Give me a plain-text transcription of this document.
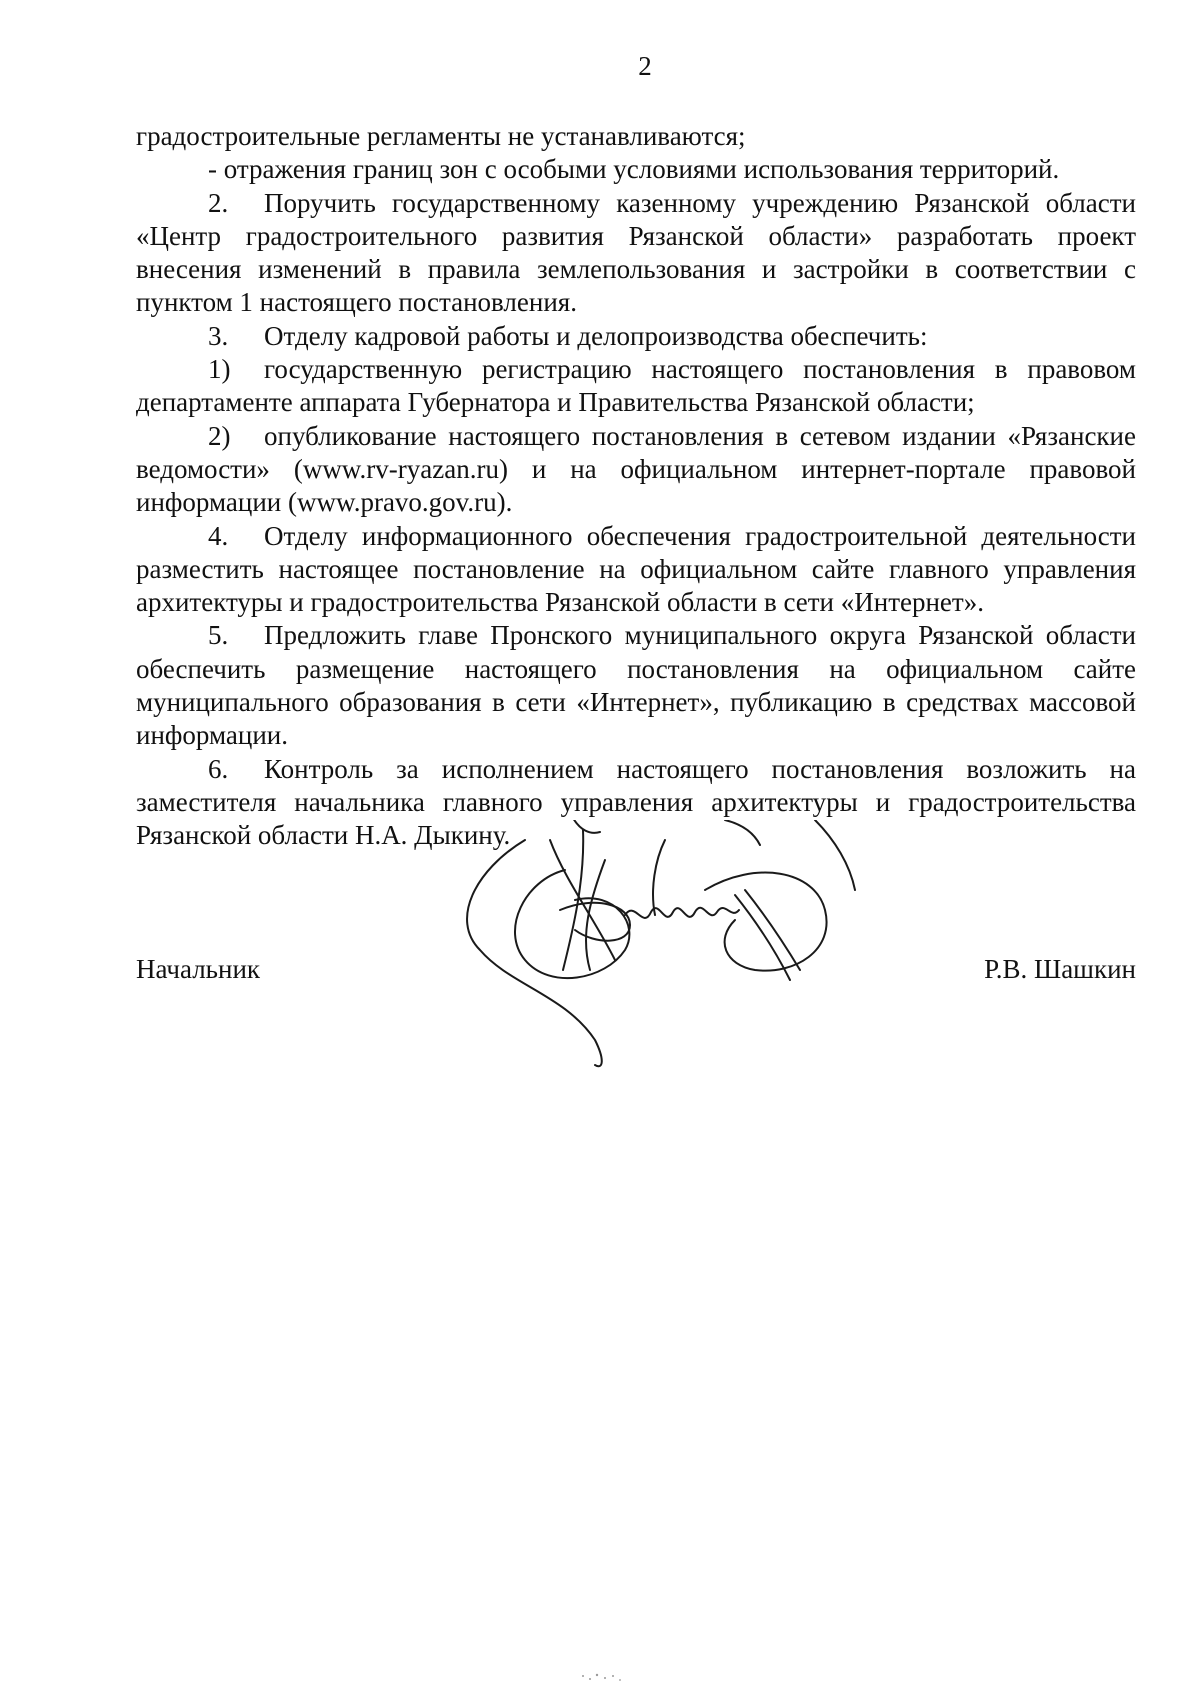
2

градостроительные регламенты не устанавливаются;

- отражения границ зон с особыми условиями использования территорий.

2. Поручить государственному казенному учреждению Рязанской области «Центр градостроительного развития Рязанской области» разработать проект внесения изменений в правила землепользования и застройки в соответствии с пунктом 1 настоящего постановления.

3. Отделу кадровой работы и делопроизводства обеспечить:

1) государственную регистрацию настоящего постановления в правовом департаменте аппарата Губернатора и Правительства Рязанской области;

2) опубликование настоящего постановления в сетевом издании «Рязанские ведомости» (www.rv-ryazan.ru) и на официальном интернет-портале правовой информации (www.pravo.gov.ru).

4. Отделу информационного обеспечения градостроительной деятельности разместить настоящее постановление на официальном сайте главного управления архитектуры и градостроительства Рязанской области в сети «Интернет».

5. Предложить главе Пронского муниципального округа Рязанской области обеспечить размещение настоящего постановления на официальном сайте муниципального образования в сети «Интернет», публикацию в средствах массовой информации.

6. Контроль за исполнением настоящего постановления возложить на заместителя начальника главного управления архитектуры и градостроительства Рязанской области Н.А. Дыкину.

Начальник	Р.В. Шашкин
